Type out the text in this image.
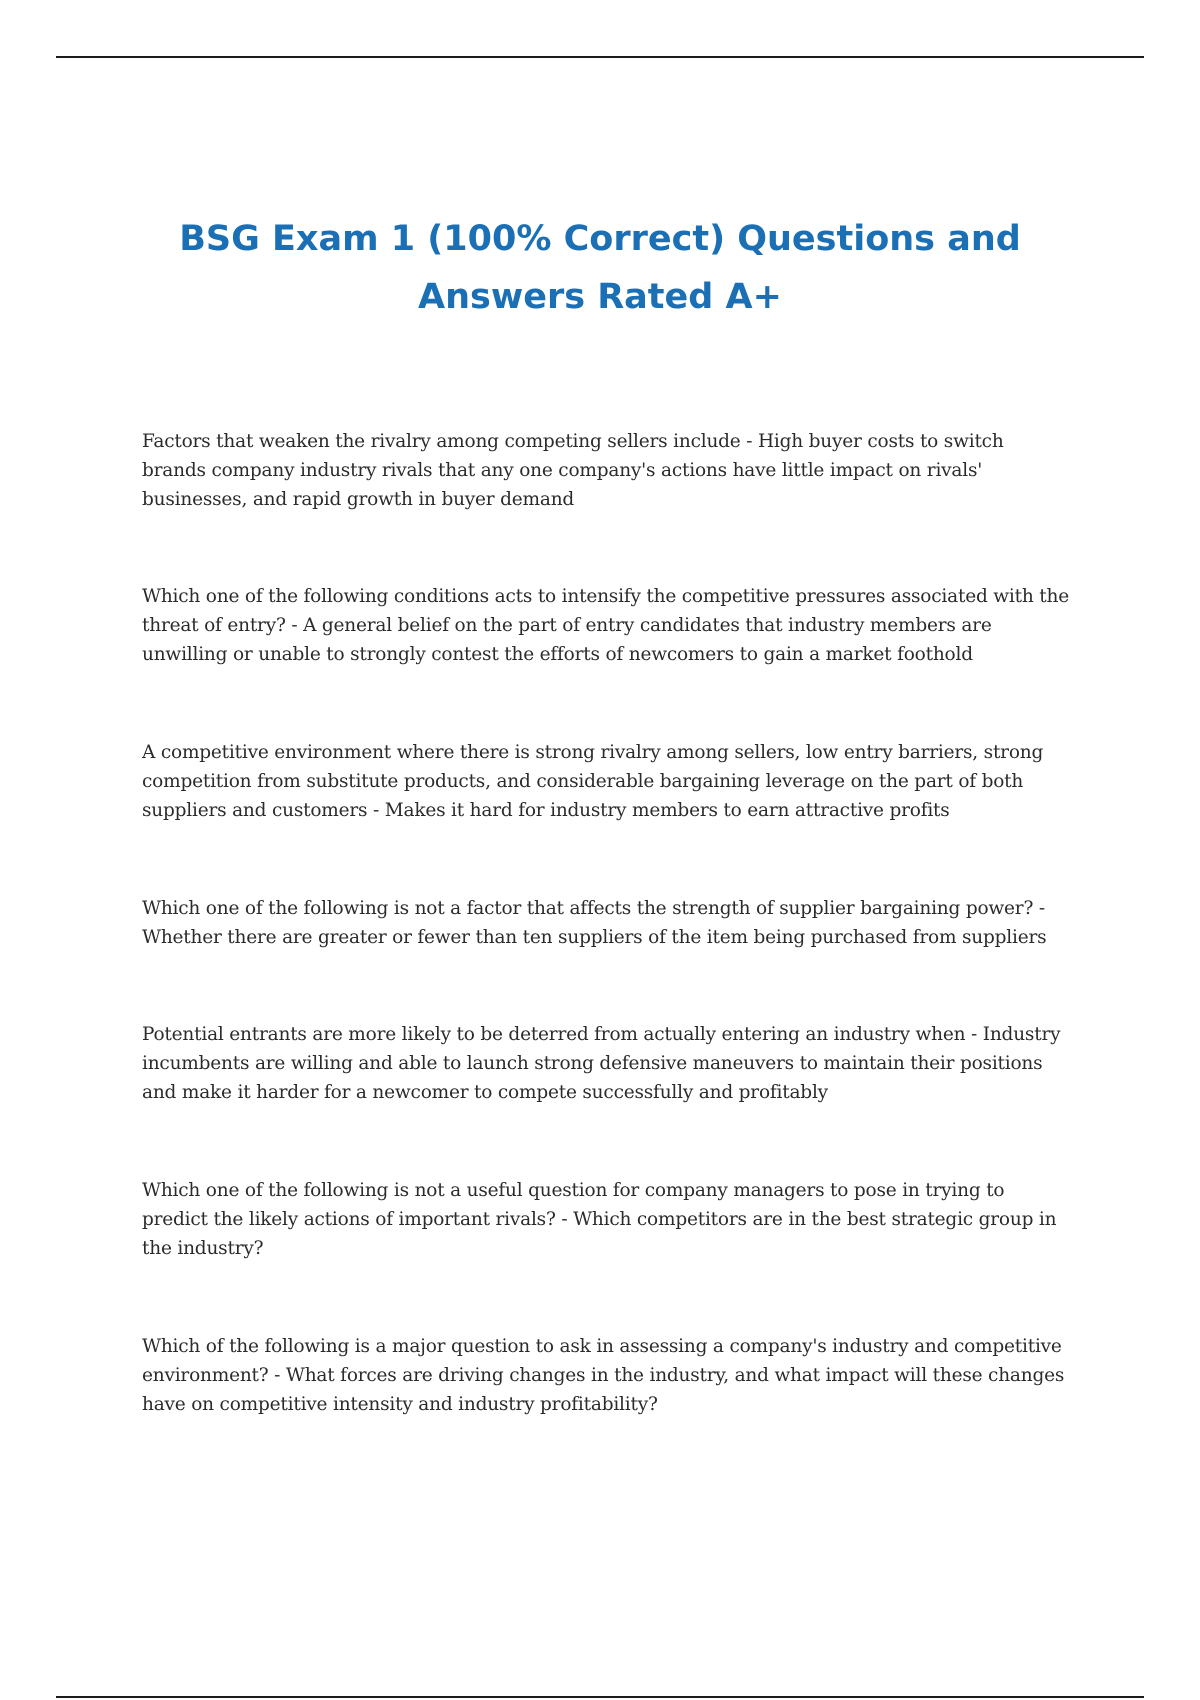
BSG Exam 1 (100% Correct) Questions and
Answers Rated A+

Factors that weaken the rivalry among competing sellers include - High buyer costs to switch brands company industry rivals that any one company's actions have little impact on rivals' businesses, and rapid growth in buyer demand

Which one of the following conditions acts to intensify the competitive pressures associated with the threat of entry? - A general belief on the part of entry candidates that industry members are unwilling or unable to strongly contest the efforts of newcomers to gain a market foothold

A competitive environment where there is strong rivalry among sellers, low entry barriers, strong competition from substitute products, and considerable bargaining leverage on the part of both suppliers and customers - Makes it hard for industry members to earn attractive profits

Which one of the following is not a factor that affects the strength of supplier bargaining power? - Whether there are greater or fewer than ten suppliers of the item being purchased from suppliers

Potential entrants are more likely to be deterred from actually entering an industry when - Industry incumbents are willing and able to launch strong defensive maneuvers to maintain their positions and make it harder for a newcomer to compete successfully and profitably

Which one of the following is not a useful question for company managers to pose in trying to predict the likely actions of important rivals? - Which competitors are in the best strategic group in the industry?

Which of the following is a major question to ask in assessing a company's industry and competitive environment? - What forces are driving changes in the industry, and what impact will these changes have on competitive intensity and industry profitability?
